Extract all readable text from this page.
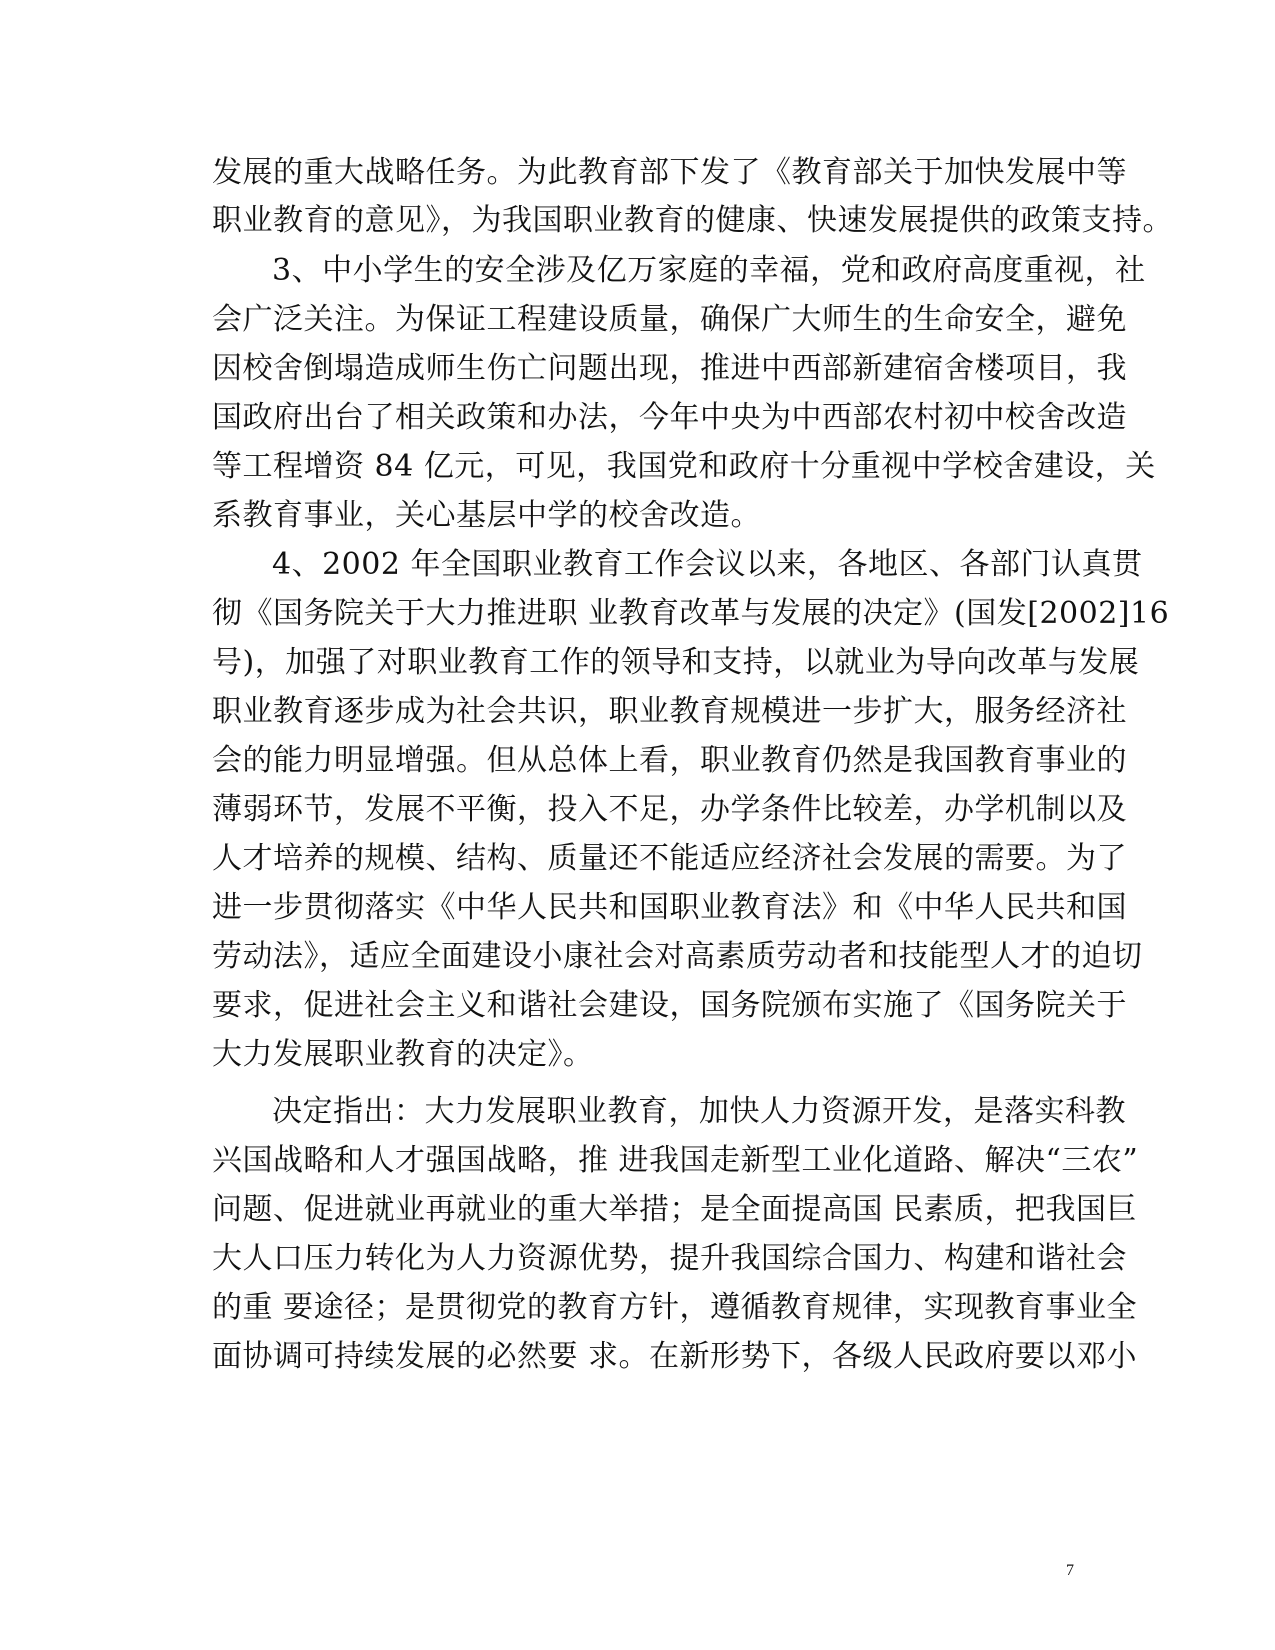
发展的重大战略任务。为此教育部下发了《教育部关于加快发展中等
职业教育的意见》，为我国职业教育的健康、快速发展提供的政策支持。
3、中小学生的安全涉及亿万家庭的幸福，党和政府高度重视，社
会广泛关注。为保证工程建设质量，确保广大师生的生命安全，避免
因校舍倒塌造成师生伤亡问题出现，推进中西部新建宿舍楼项目，我
国政府出台了相关政策和办法，今年中央为中西部农村初中校舍改造
等工程增资 84 亿元，可见，我国党和政府十分重视中学校舍建设，关
系教育事业，关心基层中学的校舍改造。
4、2002 年全国职业教育工作会议以来，各地区、各部门认真贯
彻《国务院关于大力推进职 业教育改革与发展的决定》(国发[2002]16
号)，加强了对职业教育工作的领导和支持，以就业为导向改革与发展
职业教育逐步成为社会共识，职业教育规模进一步扩大，服务经济社
会的能力明显增强。但从总体上看，职业教育仍然是我国教育事业的
薄弱环节，发展不平衡，投入不足，办学条件比较差，办学机制以及
人才培养的规模、结构、质量还不能适应经济社会发展的需要。为了
进一步贯彻落实《中华人民共和国职业教育法》和《中华人民共和国
劳动法》，适应全面建设小康社会对高素质劳动者和技能型人才的迫切
要求，促进社会主义和谐社会建设，国务院颁布实施了《国务院关于
大力发展职业教育的决定》。
决定指出：大力发展职业教育，加快人力资源开发，是落实科教
兴国战略和人才强国战略，推 进我国走新型工业化道路、解决“三农”
问题、促进就业再就业的重大举措；是全面提高国 民素质，把我国巨
大人口压力转化为人力资源优势，提升我国综合国力、构建和谐社会
的重 要途径；是贯彻党的教育方针，遵循教育规律，实现教育事业全
面协调可持续发展的必然要 求。在新形势下，各级人民政府要以邓小
7
